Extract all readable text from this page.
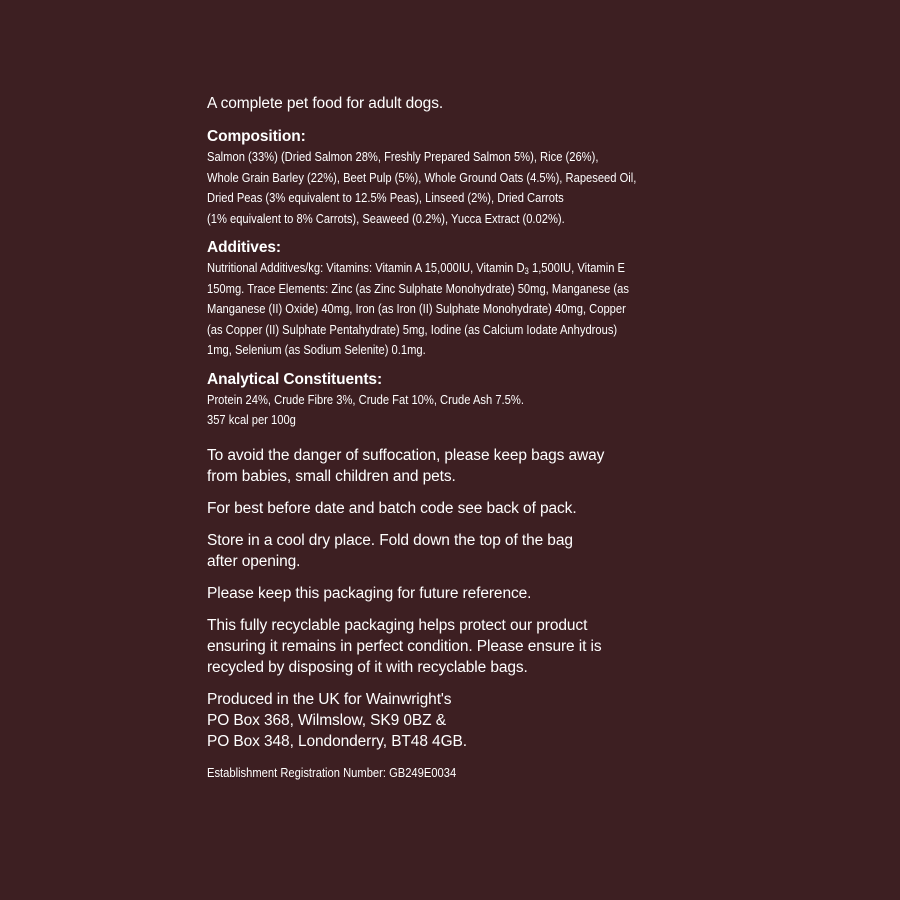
A complete pet food for adult dogs.

Composition:
Salmon (33%) (Dried Salmon 28%, Freshly Prepared Salmon 5%), Rice (26%),
Whole Grain Barley (22%), Beet Pulp (5%), Whole Ground Oats (4.5%), Rapeseed Oil,
Dried Peas (3% equivalent to 12.5% Peas), Linseed (2%), Dried Carrots
(1% equivalent to 8% Carrots), Seaweed (0.2%), Yucca Extract (0.02%).
Additives:
Nutritional Additives/kg: Vitamins: Vitamin A 15,000IU, Vitamin $D_3$ 1,500IU, Vitamin E
150mg. Trace Elements: Zinc (as Zinc Sulphate Monohydrate) 50mg, Manganese (as
Manganese (II) Oxide) 40mg, Iron (as Iron (II) Sulphate Monohydrate) 40mg, Copper
(as Copper (II) Sulphate Pentahydrate) 5mg, Iodine (as Calcium Iodate Anhydrous)
1mg, Selenium (as Sodium Selenite) 0.1mg.
Analytical Constituents:
Protein 24%, Crude Fibre 3%, Crude Fat 10%, Crude Ash 7.5%.
357 kcal per 100g

To avoid the danger of suffocation, please keep bags away
from babies, small children and pets.

For best before date and batch code see back of pack.

Store in a cool dry place. Fold down the top of the bag
after opening.

Please keep this packaging for future reference.

This fully recyclable packaging helps protect our product
ensuring it remains in perfect condition. Please ensure it is
recycled by disposing of it with recyclable bags.

Produced in the UK for Wainwright's
PO Box 368, Wilmslow, SK9 0BZ &
PO Box 348, Londonderry, BT48 4GB.

Establishment Registration Number: GB249E0034
